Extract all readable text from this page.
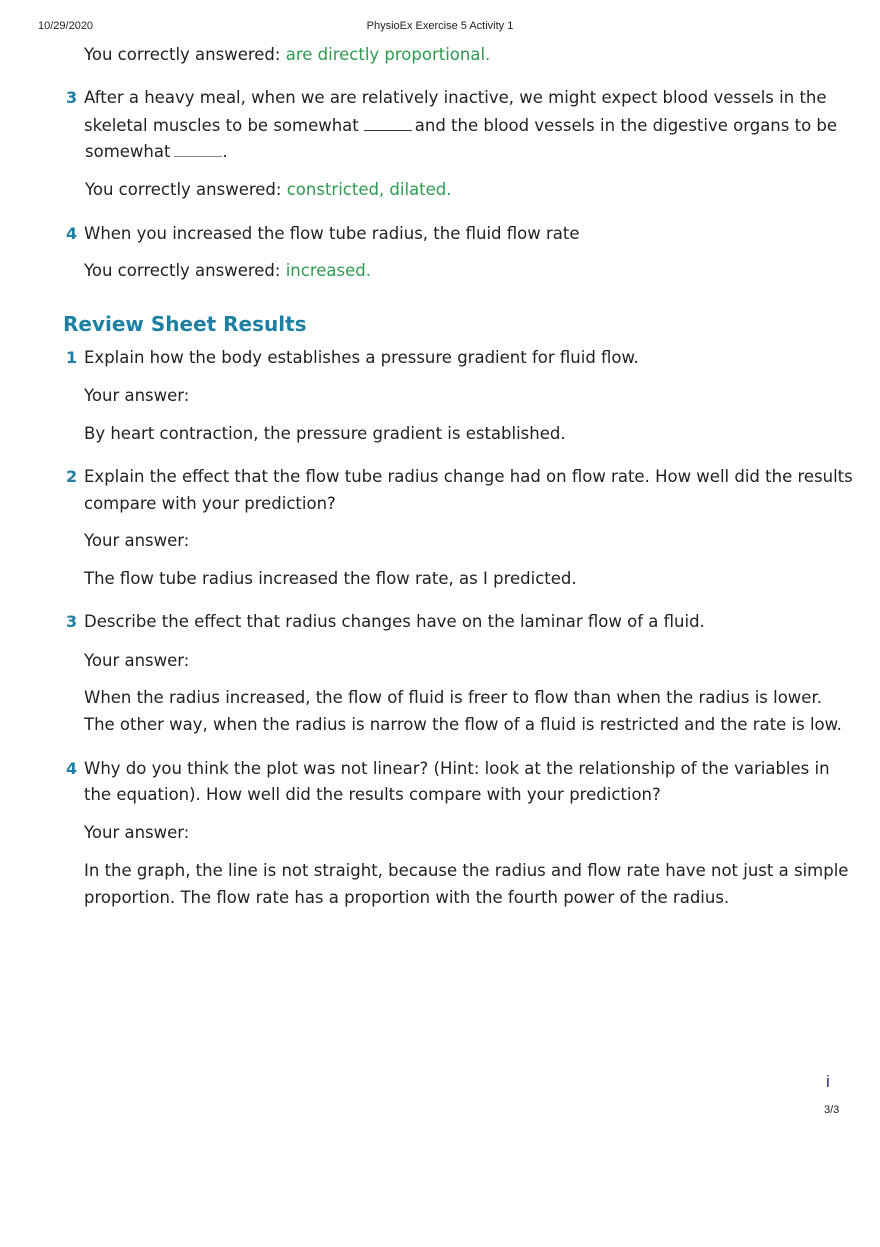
10/29/2020	PhysioEx Exercise 5 Activity 1
You correctly answered: are directly proportional.
3 After a heavy meal, when we are relatively inactive, we might expect blood vessels in the
skeletal muscles to be somewhat	and the blood vessels in the digestive organs to be
somewhat	.
You correctly answered: constricted, dilated.
4 When you increased the flow tube radius, the fluid flow rate
You correctly answered: increased.
Review Sheet Results
1 Explain how the body establishes a pressure gradient for fluid flow.
Your answer:
By heart contraction, the pressure gradient is established.
2 Explain the effect that the flow tube radius change had on flow rate. How well did the results
compare with your prediction?
Your answer:
The flow tube radius increased the flow rate, as I predicted.
3 Describe the effect that radius changes have on the laminar flow of a fluid.
Your answer:
When the radius increased, the flow of fluid is freer to flow than when the radius is lower.
The other way, when the radius is narrow the flow of a fluid is restricted and the rate is low.
4 Why do you think the plot was not linear? (Hint: look at the relationship of the variables in
the equation). How well did the results compare with your prediction?
Your answer:
In the graph, the line is not straight, because the radius and flow rate have not just a simple
proportion. The flow rate has a proportion with the fourth power of the radius.
i
3/3
